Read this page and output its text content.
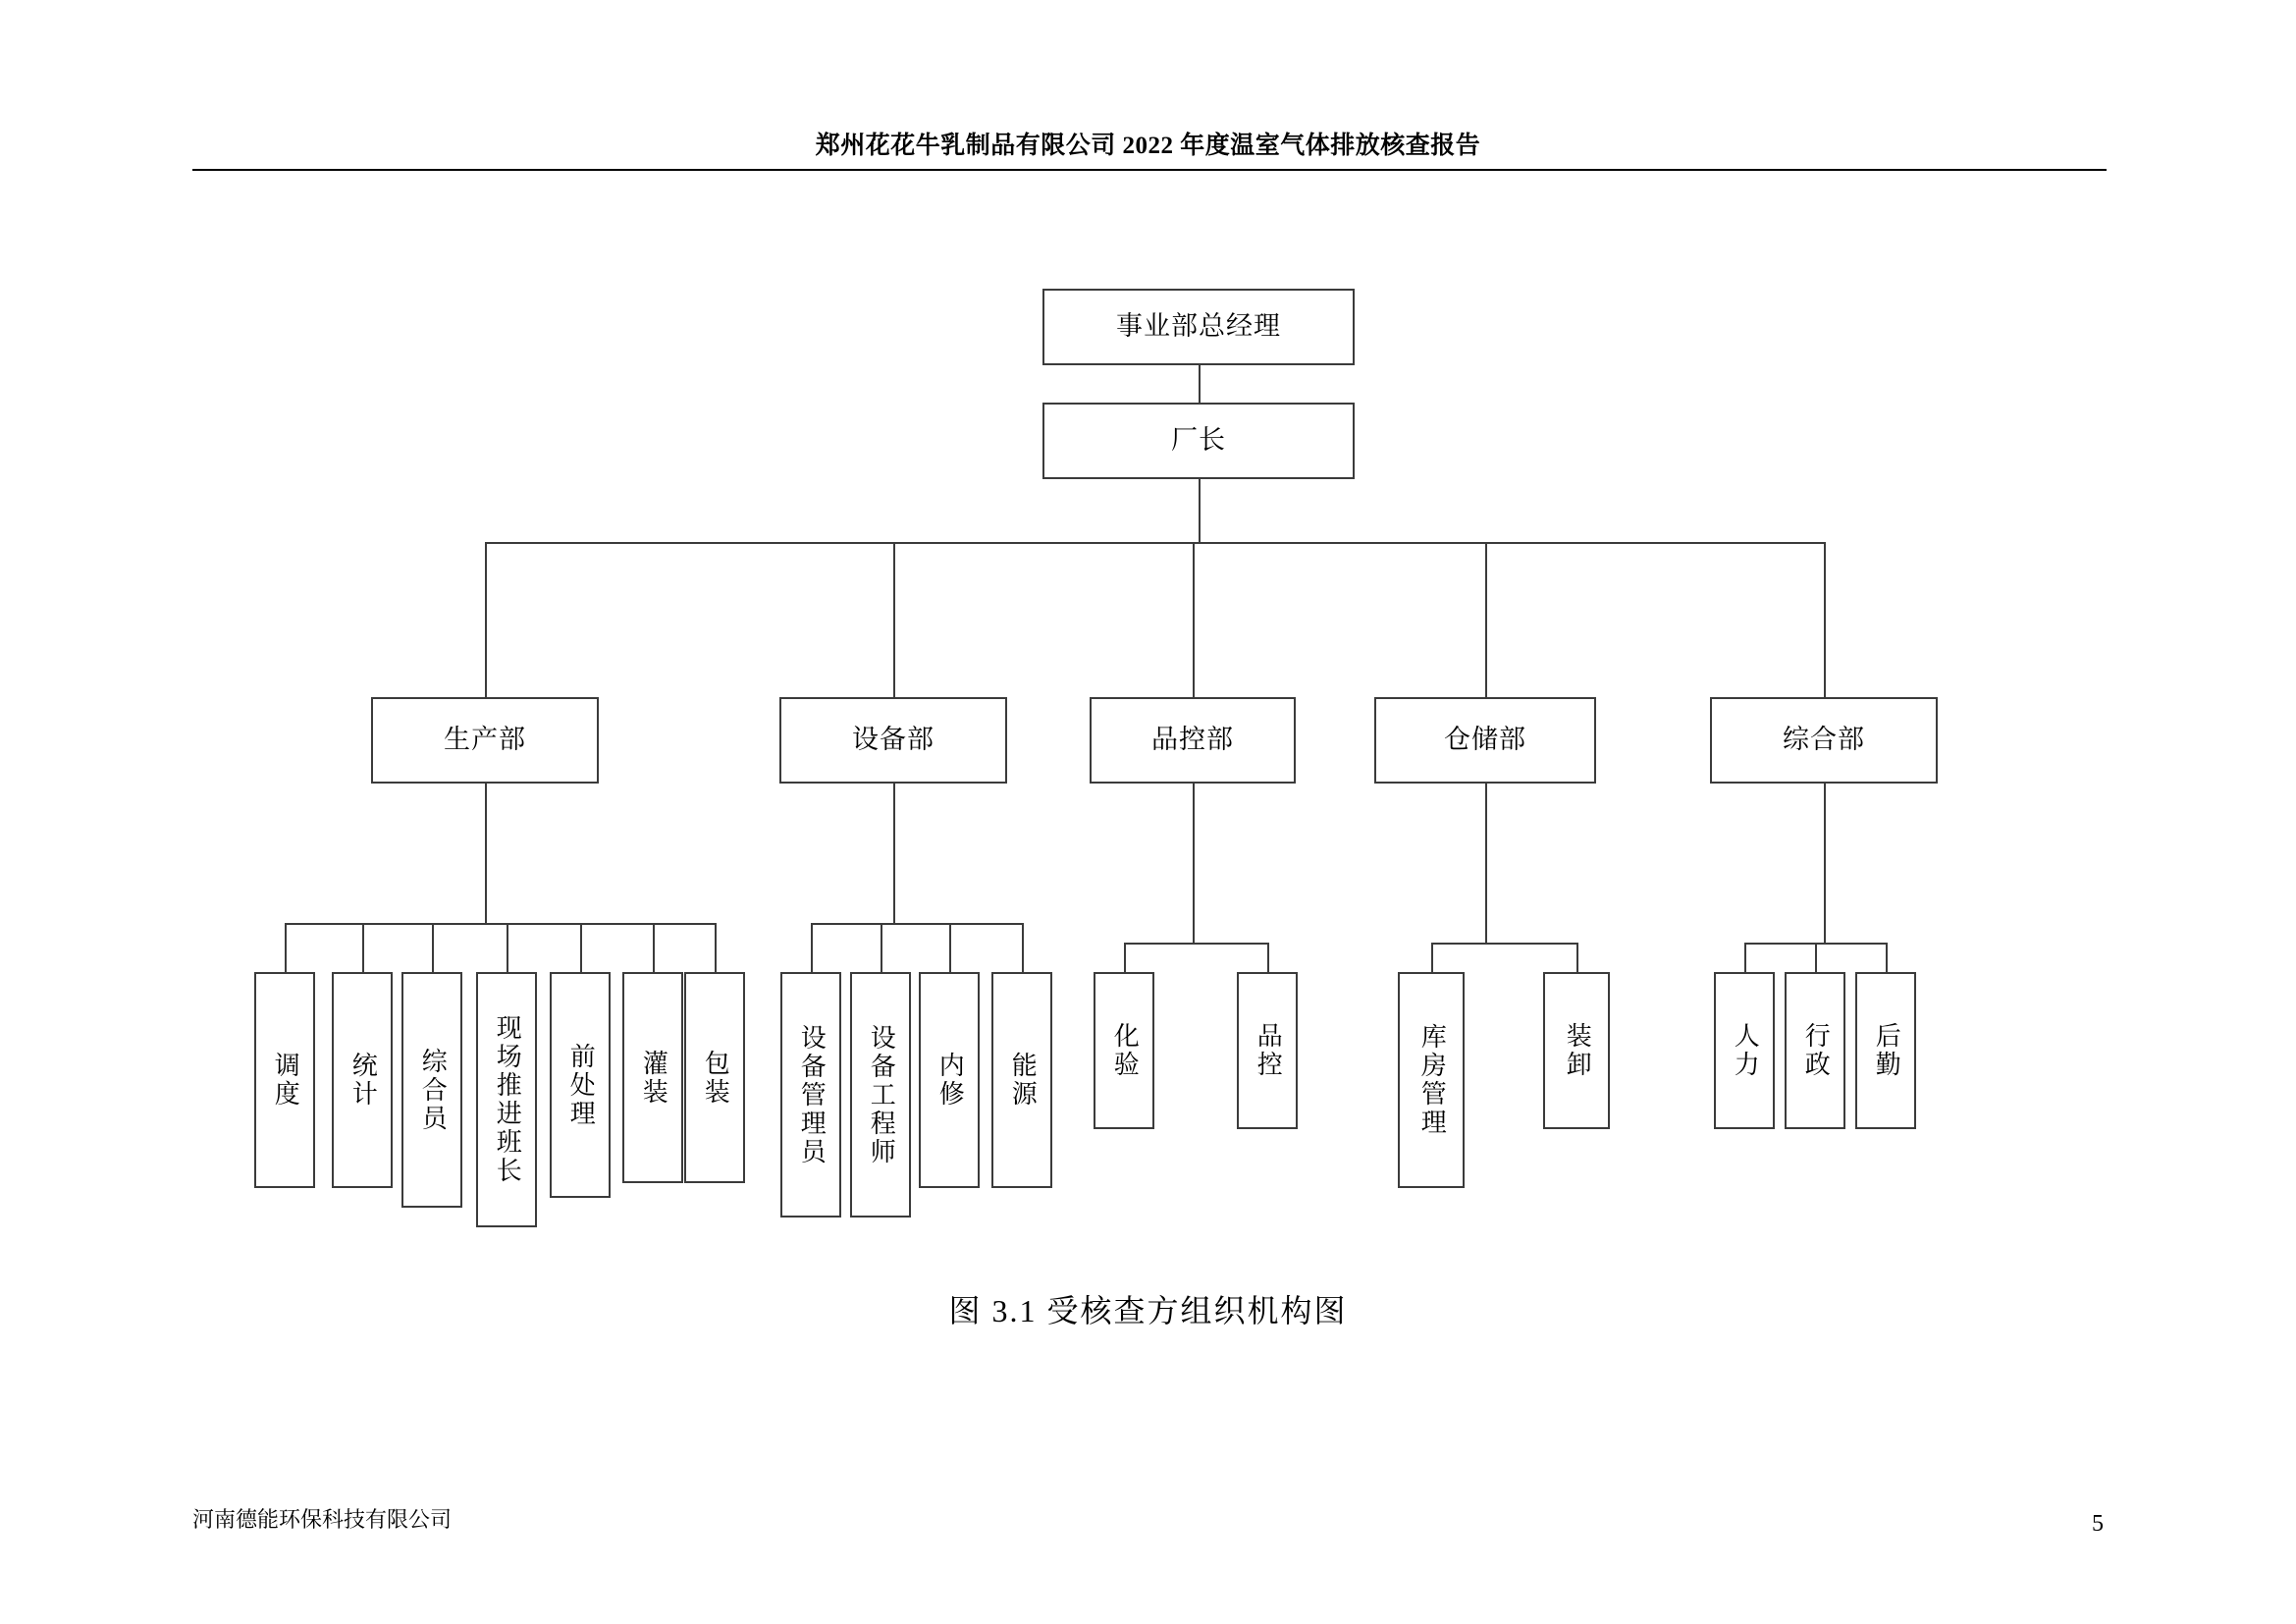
郑州花花牛乳制品有限公司 2022 年度温室气体排放核查报告
事业部总经理
厂长
生产部	设备部	品控部	仓储部	综合部
调度	统计	综合员	现场推进班长	前处理	灌装	包装	设备管理员	设备工程师	内修	能源
化验	品控	库房管理	装卸	人力	行政	后勤
图 3.1 受核查方组织机构图
河南德能环保科技有限公司	5
